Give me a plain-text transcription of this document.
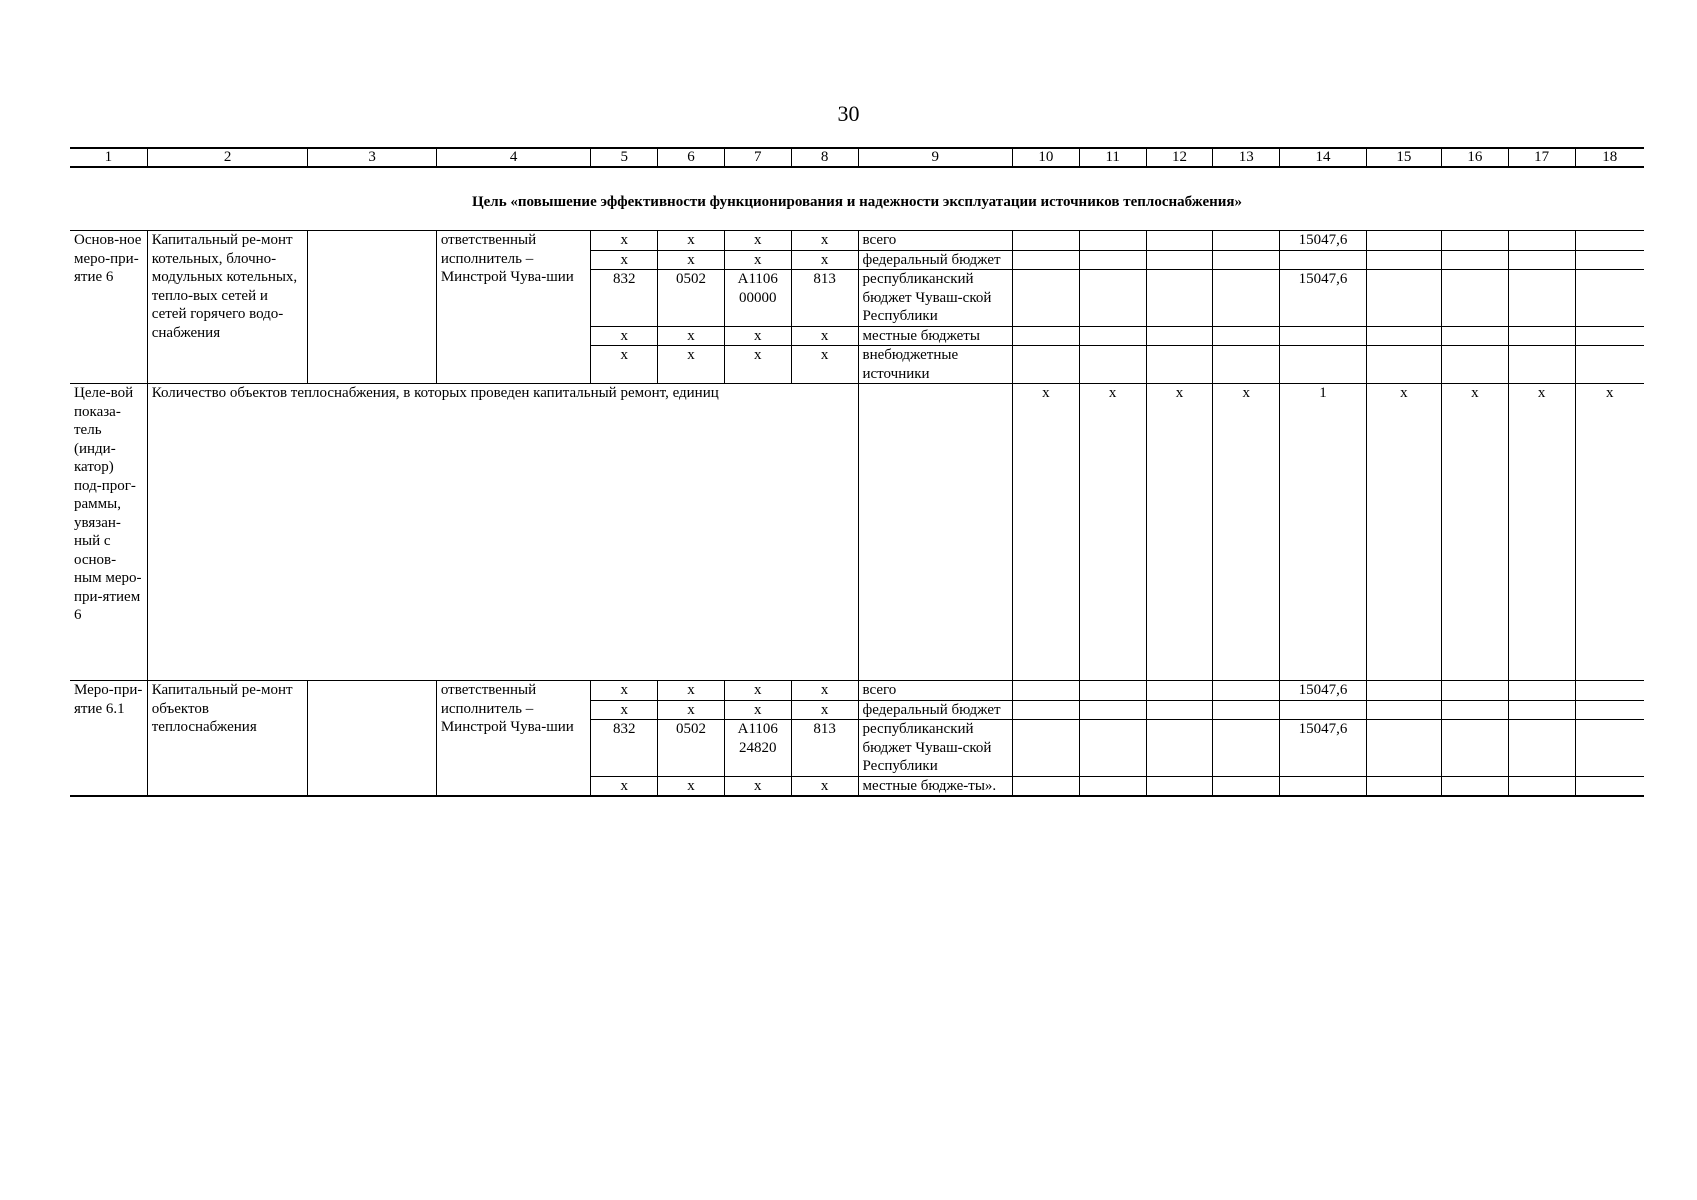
30
1	2	3	4	5	6	7	8	9	10	11	12	13	14	15	16	17	18
Цель «повышение эффективности функционирования и надежности эксплуатации источников теплоснабжения»																	
Основ-ное меро-при-ятие 6	Капитальный ре-монт котельных, блочно-модульных котельных, тепло-вых сетей и сетей горячего водо-снабжения		ответственный исполнитель – Минстрой Чува-шии	x	x	x	x	всего					15047,6				
				x	x	x	x	федеральный бюджет									
				832	0502	А1106 00000	813	республиканский бюджет Чуваш-ской Республики					15047,6				
				x	x	x	x	местные бюджеты									
				x	x	x	x	внебюджетные источники									
Целе-вой показа-тель (инди-катор) под-прог-раммы, увязан-ный с основ-ным меро-при-ятием 6	Количество объектов теплоснабжения, в которых проведен капитальный ремонт, единиц								x	x	x	x	1	x	x	x	x
Меро-при-ятие 6.1	Капитальный ре-монт объектов теплоснабжения		ответственный исполнитель – Минстрой Чува-шии	x	x	x	x	всего					15047,6				
				x	x	x	x	федеральный бюджет									
				832	0502	А1106 24820	813	республиканский бюджет Чуваш-ской Республики					15047,6				
				x	x	x	x	местные бюдже-ты».									
